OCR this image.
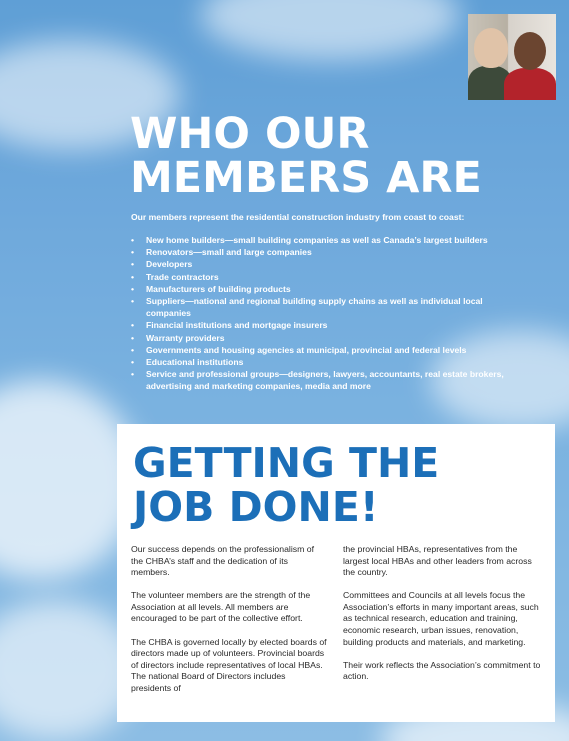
WHO OUR
MEMBERS ARE

Our members represent the residential construction industry from coast to coast:

• New home builders—small building companies as well as Canada’s largest builders
• Renovators—small and large companies
• Developers
• Trade contractors
• Manufacturers of building products
• Suppliers—national and regional building supply chains as well as individual local companies
• Financial institutions and mortgage insurers
• Warranty providers
• Governments and housing agencies at municipal, provincial and federal levels
• Educational institutions
• Service and professional groups—designers, lawyers, accountants, real estate brokers, advertising and marketing companies, media and more
GETTING THE
JOB DONE!

Our success depends on the professionalism of the CHBA’s staff and the dedication of its members.

The volunteer members are the strength of the Association at all levels. All members are encouraged to be part of the collective effort.

The CHBA is governed locally by elected boards of directors made up of volunteers. Provincial boards of directors include representatives of local HBAs. The national Board of Directors includes presidents of

the provincial HBAs, representatives from the largest local HBAs and other leaders from across the country.

Committees and Councils at all levels focus the Association’s efforts in many important areas, such as technical research, education and training, economic research, urban issues, renovation, building products and materials, and marketing.

Their work reflects the Association’s commitment to action.
